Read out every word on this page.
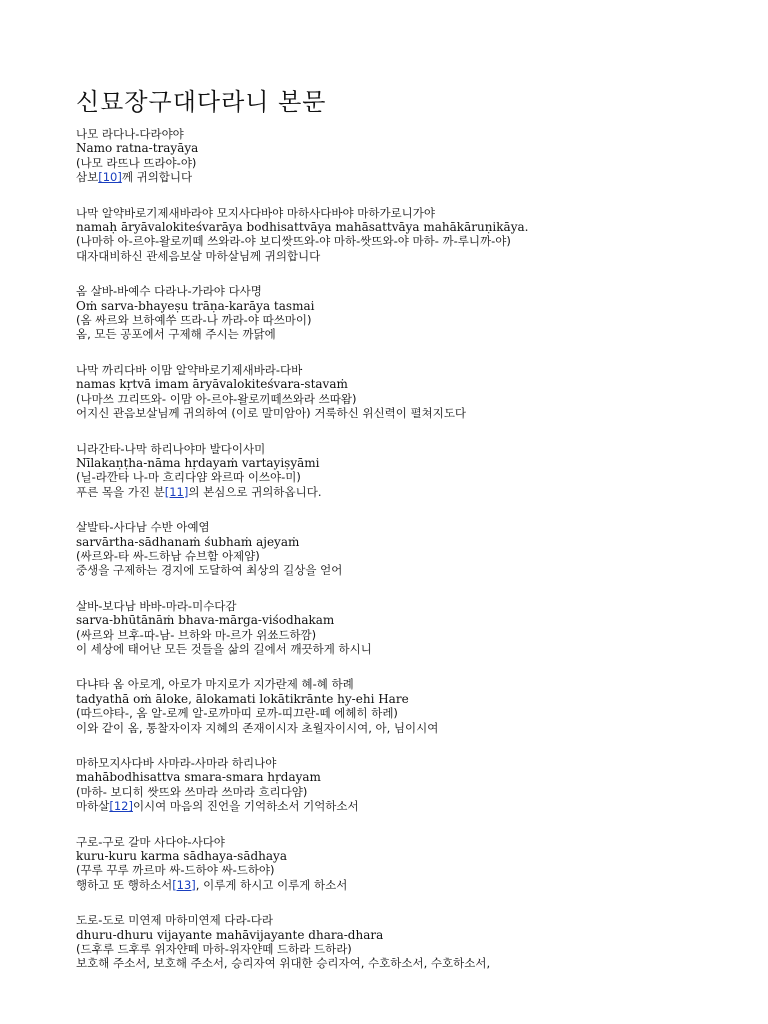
신묘장구대다라니 본문
나모 라다나-다라야야
Namo ratna-trayāya
(나모 라뜨나 뜨라야-야)
삼보[10]께 귀의합니다
나막 알약바로기제새바라야 모지사다바야 마하사다바야 마하가로니가야
namaḥ āryāvalokiteśvarāya bodhisattvāya mahāsattvāya mahākāruṇikāya.
(나마하 아-르야-왈로끼떼 쓰와라-야 보디쌋뜨와-야 마하-쌋뜨와-야 마하- 까-루니까-야)
대자대비하신 관세음보살 마하살님께 귀의합니다
옴 살바-바예수 다라나-가라야 다사명
Oṁ sarva-bhayeṣu trāṇa-karāya tasmai
(옴 싸르와 브하예쑤 뜨라-나 까라-야 따쓰마이)
옴, 모든 공포에서 구제해 주시는 까닭에
나막 까리다바 이맘 알약바로기제새바라-다바
namas kṛtvā imam āryāvalokiteśvara-stavaṁ
(나마쓰 끄리뜨와- 이맘 아-르야-왈로끼떼쓰와라 쓰따왐)
어지신 관음보살님께 귀의하여 (이로 말미암아) 거룩하신 위신력이 펼쳐지도다
니라간타-나막 하리나야마 발다이사미
Nīlakaṇṭha-nāma hṛdayaṁ vartayiṣyāmi
(닐-라깐타 나-마 흐리다얌 와르따 이쓰야-미)
푸른 목을 가진 분[11]의 본심으로 귀의하옵니다.
살발타-사다남 수반 아예염
sarvārtha-sādhanaṁ śubhaṁ ajeyaṁ
(싸르와-타 싸-드하남 슈브함 아제얌)
중생을 구제하는 경지에 도달하여 최상의 길상을 얻어
살바-보다남 바바-마라-미수다감
sarva-bhūtānāṁ bhava-mārga-viśodhakam
(싸르와 브후-따-남- 브하와 마-르가 위쑈드하깜)
이 세상에 태어난 모든 것들을 삶의 길에서 깨끗하게 하시니
다냐타 옴 아로게, 아로가 마지로가 지가란제 혜-혜 하례
tadyathā oṁ āloke, ālokamati lokātikrānte hy-ehi Hare
(따드야타-, 옴 알-로께 알-로까마띠 로까-띠끄란-떼 에헤히 하레)
이와 같이 옴, 통찰자이자 지혜의 존재이시자 초월자이시여, 아, 님이시여
마하모지사다바 사마라-사마라 하리나야
mahābodhisattva smara-smara hṛdayam
(마하- 보디히 쌋뜨와 쓰마라 쓰마라 흐리다얌)
마하살[12]이시여 마음의 진언을 기억하소서 기억하소서
구로-구로 갈마 사다야-사다야
kuru-kuru karma sādhaya-sādhaya
(꾸루 꾸루 까르마 싸-드하야 싸-드하야)
행하고 또 행하소서[13], 이루게 하시고 이루게 하소서
도로-도로 미연제 마하미연제 다라-다라
dhuru-dhuru vijayante mahāvijayante dhara-dhara
(드후루 드후루 위자얀떼 마하-위자얀떼 드하라 드하라)
보호해 주소서, 보호해 주소서, 승리자여 위대한 승리자여, 수호하소서, 수호하소서,
